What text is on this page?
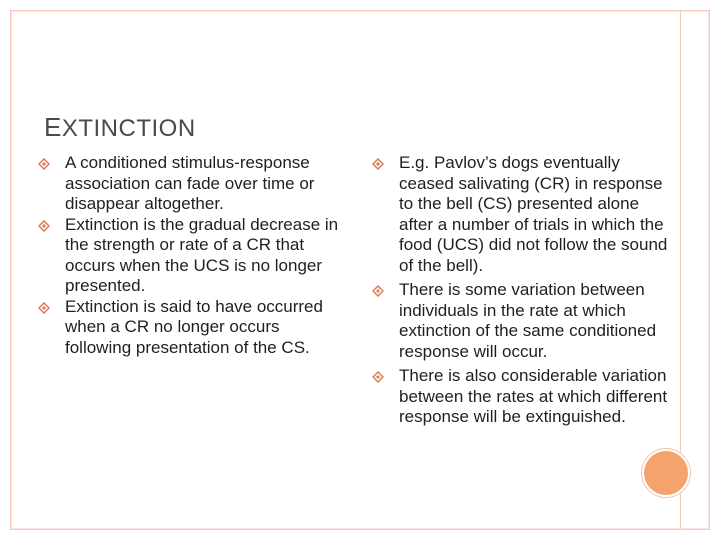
EXTINCTION
A conditioned stimulus-response association can fade over time or disappear altogether.
Extinction is the gradual decrease in the strength or rate of a CR that occurs when the UCS is no longer presented.
Extinction is said to have occurred when a CR no longer occurs following presentation of the CS.
E.g. Pavlov’s dogs eventually ceased salivating (CR) in response to the bell (CS) presented alone after a number of trials in which the food (UCS) did not follow the sound of the bell).
There is some variation between individuals in the rate at which extinction of the same conditioned response will occur.
There is also considerable variation between the rates at which different response will be extinguished.
